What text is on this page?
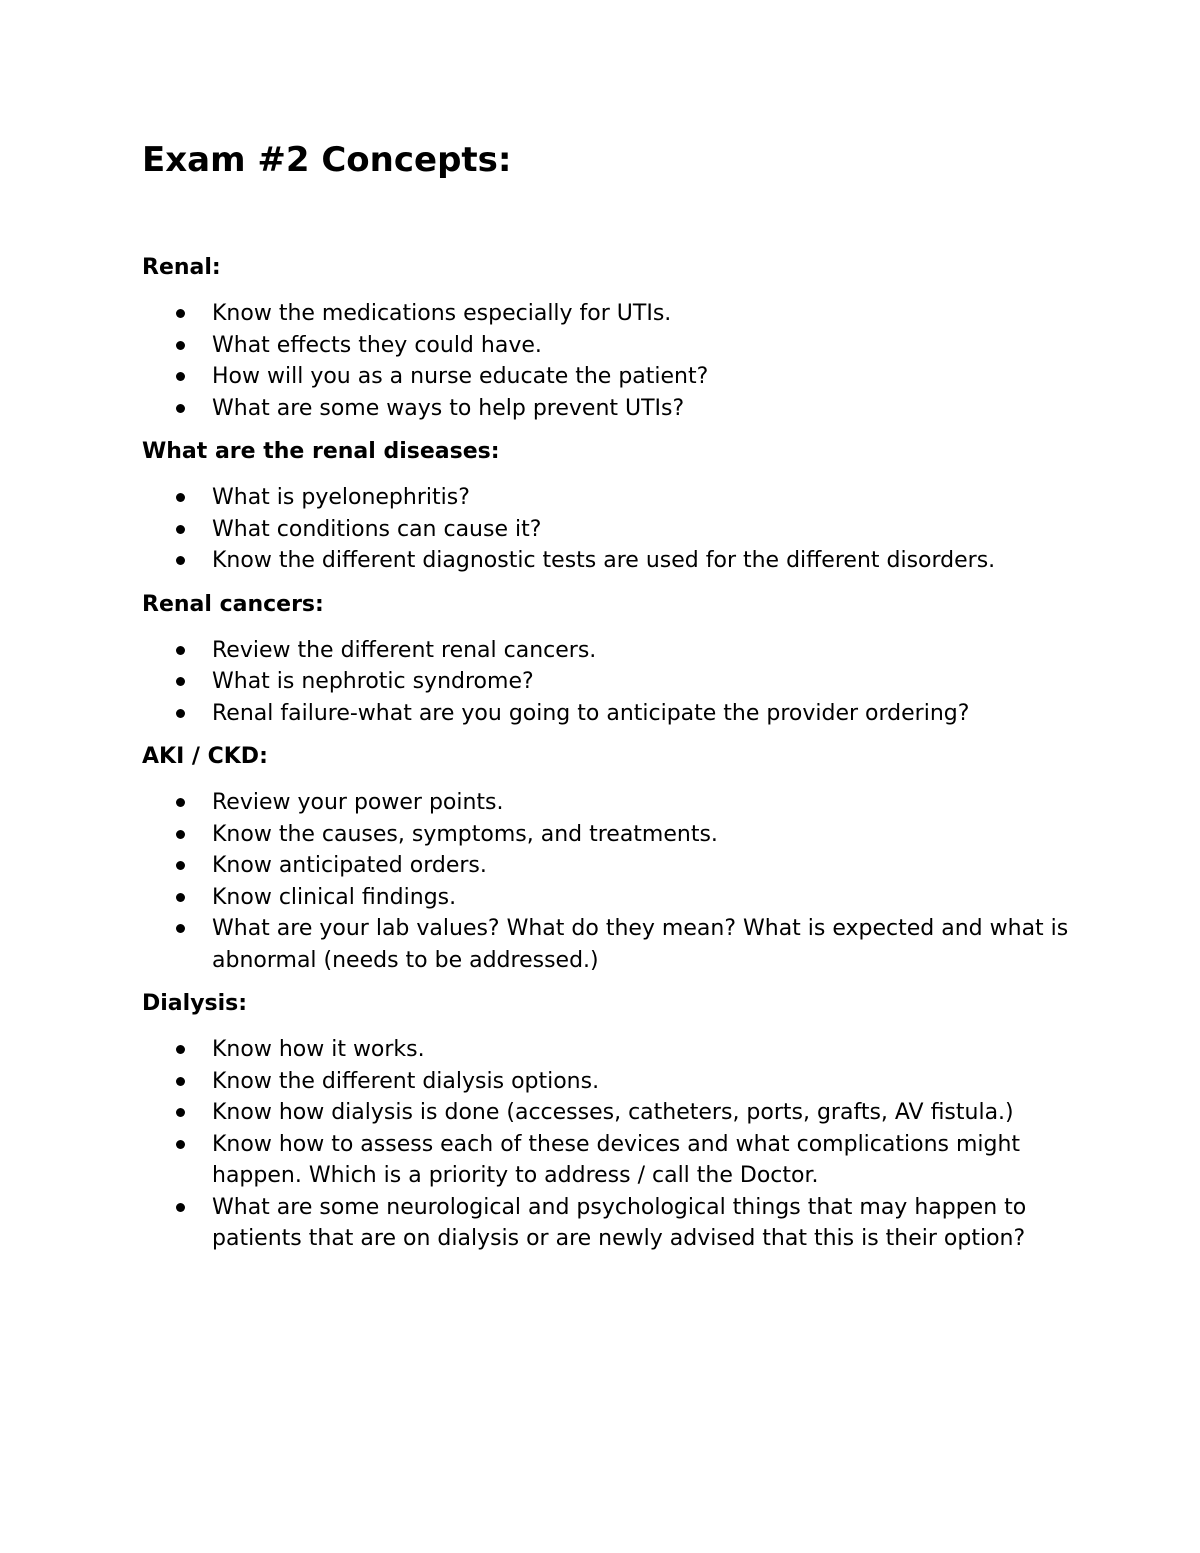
Exam #2 Concepts:
Renal:
Know the medications especially for UTIs.
What effects they could have.
How will you as a nurse educate the patient?
What are some ways to help prevent UTIs?
What are the renal diseases:
What is pyelonephritis?
What conditions can cause it?
Know the different diagnostic tests are used for the different disorders.
Renal cancers:
Review the different renal cancers.
What is nephrotic syndrome?
Renal failure-what are you going to anticipate the provider ordering?
AKI / CKD:
Review your power points.
Know the causes, symptoms, and treatments.
Know anticipated orders.
Know clinical findings.
What are your lab values? What do they mean? What is expected and what is abnormal (needs to be addressed.)
Dialysis:
Know how it works.
Know the different dialysis options.
Know how dialysis is done (accesses, catheters, ports, grafts, AV fistula.)
Know how to assess each of these devices and what complications might happen. Which is a priority to address / call the Doctor.
What are some neurological and psychological things that may happen to patients that are on dialysis or are newly advised that this is their option?
